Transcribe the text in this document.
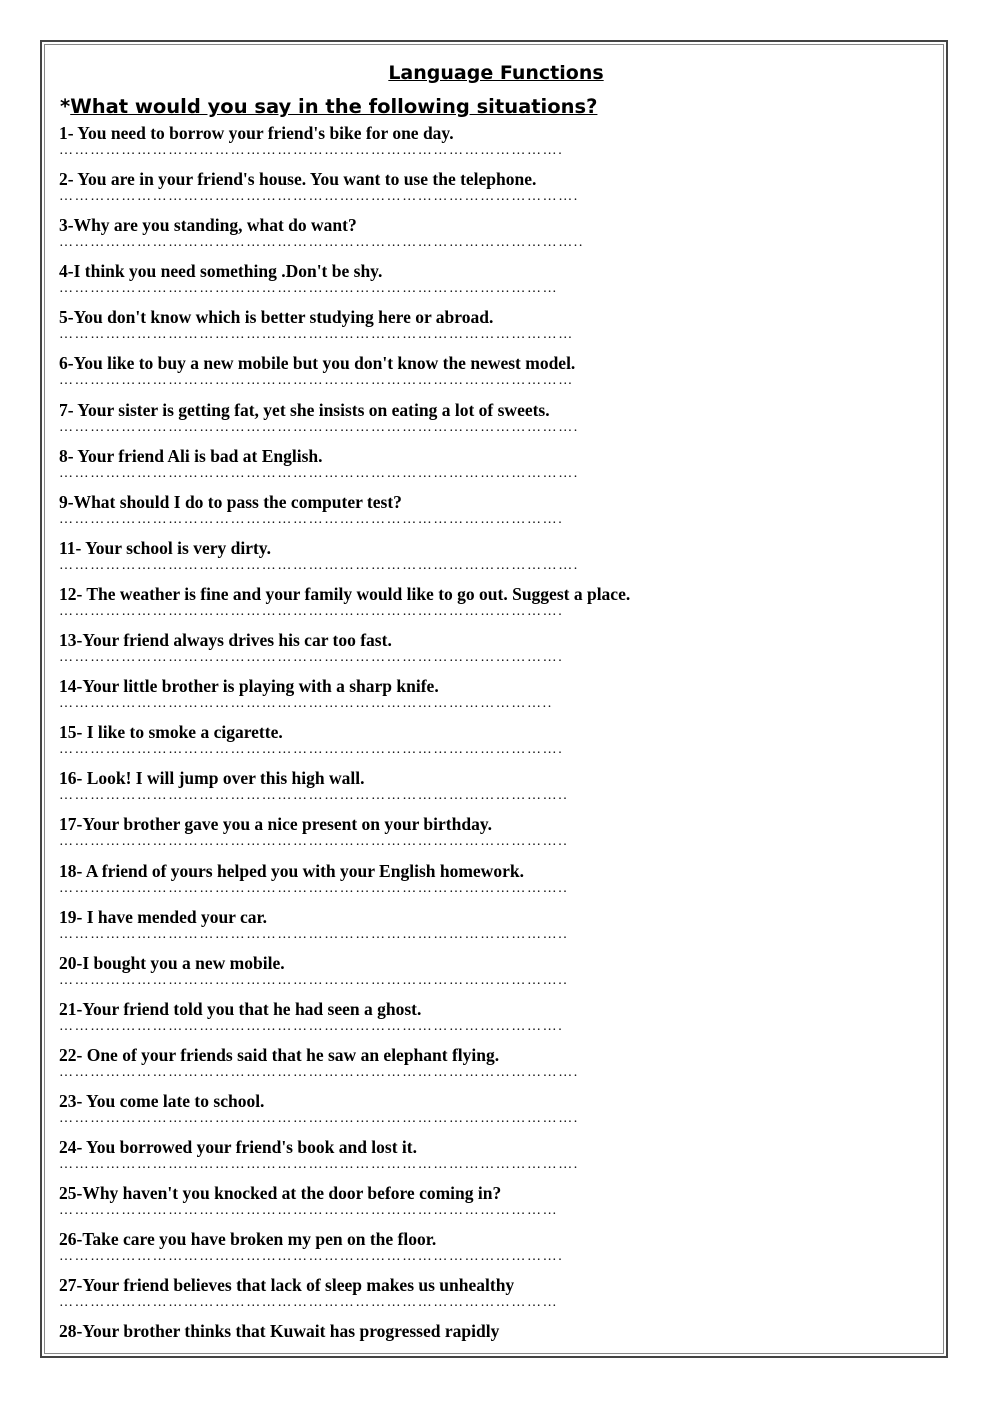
Language Functions
*What would you say in the following situations?
1- You need to borrow your friend's bike for one day.
…………………………………………………………………………………….
2- You are in your friend's house. You want to use the telephone.
……………………………………………………………………………………….
3-Why are you standing, what do want?
………………………………………………………………………………………..
4-I think you need something .Don't be shy.
……………………………………………………………………………………
5-You don't know which is better studying here or abroad.
………………………………………………………………………………………
6-You like to buy a new mobile but you don't know the newest model.
………………………………………………………………………………………
7- Your sister is getting fat, yet she insists on eating a lot of sweets.
……………………………………………………………………………………….
8- Your friend Ali is bad at English.
……………………………………………………………………………………….
9-What should I do to pass the computer test?
…………………………………………………………………………………….
11- Your school is very dirty.
……………………………………………………………………………………….
12- The weather is fine and your family would like to go out. Suggest a place.
…………………………………………………………………………………….
13-Your friend always drives his car too fast.
…………………………………………………………………………………….
14-Your little brother is playing with a sharp knife.
…………………………………………………………………………………..
15- I like to smoke a cigarette.
…………………………………………………………………………………….
16- Look! I will jump over this high wall.
……………………………………………………………………………………..
17-Your brother gave you a nice present on your birthday.
……………………………………………………………………………………..
18- A friend of yours helped you with your English homework.
……………………………………………………………………………………..
19- I have mended your car.
……………………………………………………………………………………..
20-I bought you a new mobile.
……………………………………………………………………………………..
21-Your friend told you that he had seen a ghost.
…………………………………………………………………………………….
22- One of your friends said that he saw an elephant flying.
……………………………………………………………………………………….
23- You come late to school.
……………………………………………………………………………………….
24- You borrowed your friend's book and lost it.
……………………………………………………………………………………….
25-Why haven't you knocked at the door before coming in?
……………………………………………………………………………………
26-Take care you have broken my pen on the floor.
…………………………………………………………………………………….
27-Your friend believes that lack of sleep makes us unhealthy
……………………………………………………………………………………
28-Your brother thinks that Kuwait has progressed rapidly
